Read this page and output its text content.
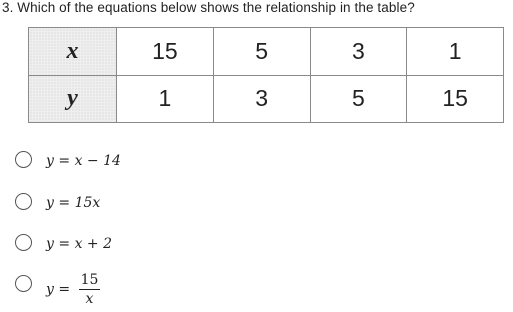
3. Which of the equations below shows the relationship in the table?
x	15	5	3	1
y	1	3	5	15
y = x − 14
y = 15x
y = x + 2
$y = \frac{15}{x}$
